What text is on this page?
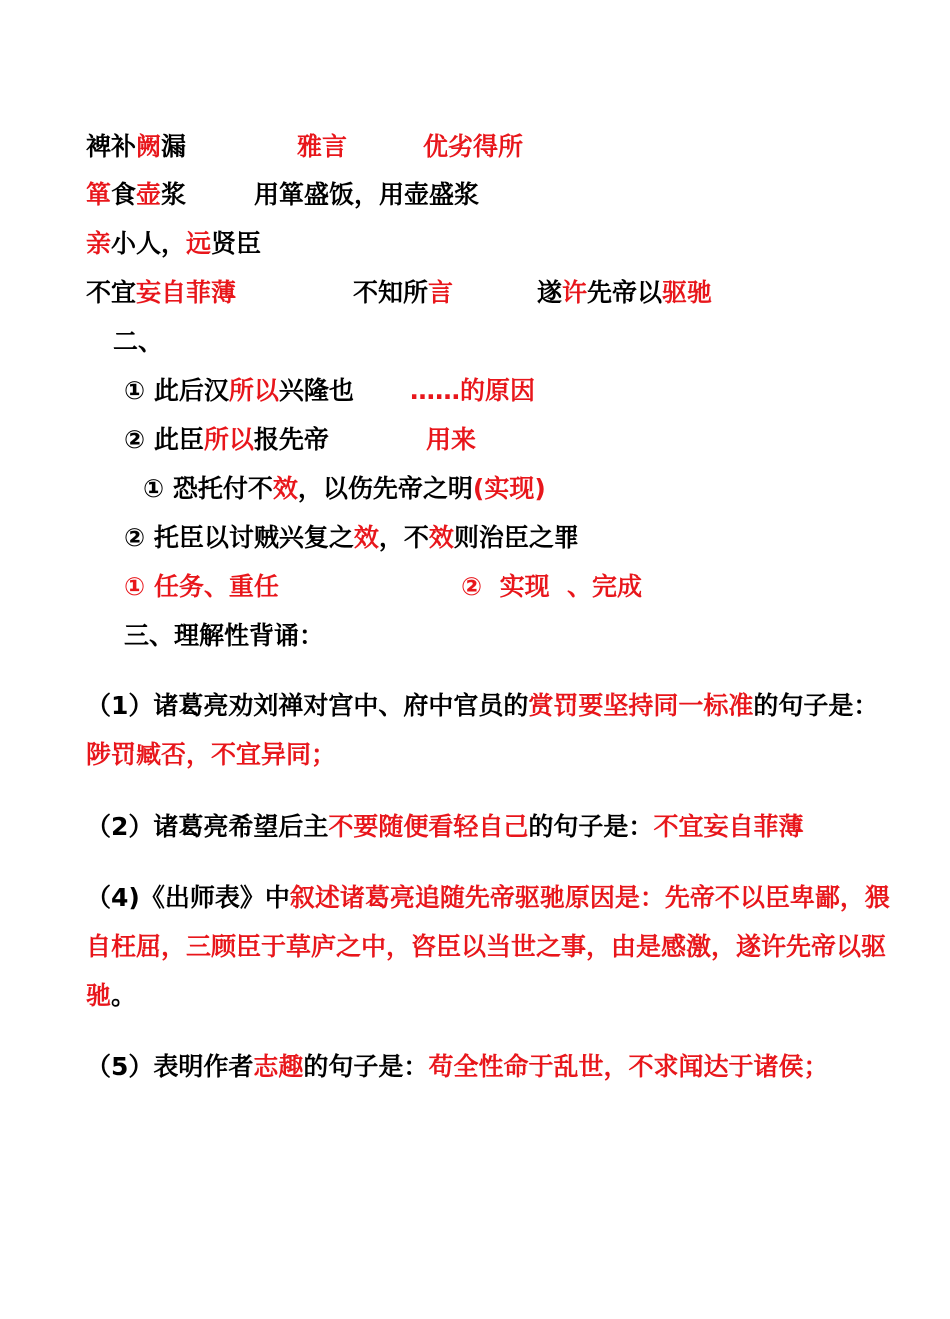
裨补阙漏	雅言	优劣得所
箪食壶浆	用箪盛饭，用壶盛浆
亲小人，远贤臣
不宜妄自菲薄	不知所言	遂许先帝以驱驰
二、
① 此后汉所以兴隆也 ……的原因
② 此臣所以报先帝	用来
① 恐托付不效，以伤先帝之明(实现)
② 托臣以讨贼兴复之效，不效则治臣之罪
① 任务、重任	②  实现  、完成
三、理解性背诵：
（1）诸葛亮劝刘禅对宫中、府中官员的赏罚要坚持同一标准的句子是：
陟罚臧否，不宜异同；
（2）诸葛亮希望后主不要随便看轻自己的句子是：不宜妄自菲薄
（4)《出师表》中叙述诸葛亮追随先帝驱驰原因是：先帝不以臣卑鄙，猥
自枉屈，三顾臣于草庐之中，咨臣以当世之事，由是感激，遂许先帝以驱
驰。
（5）表明作者志趣的句子是：苟全性命于乱世，不求闻达于诸侯；
